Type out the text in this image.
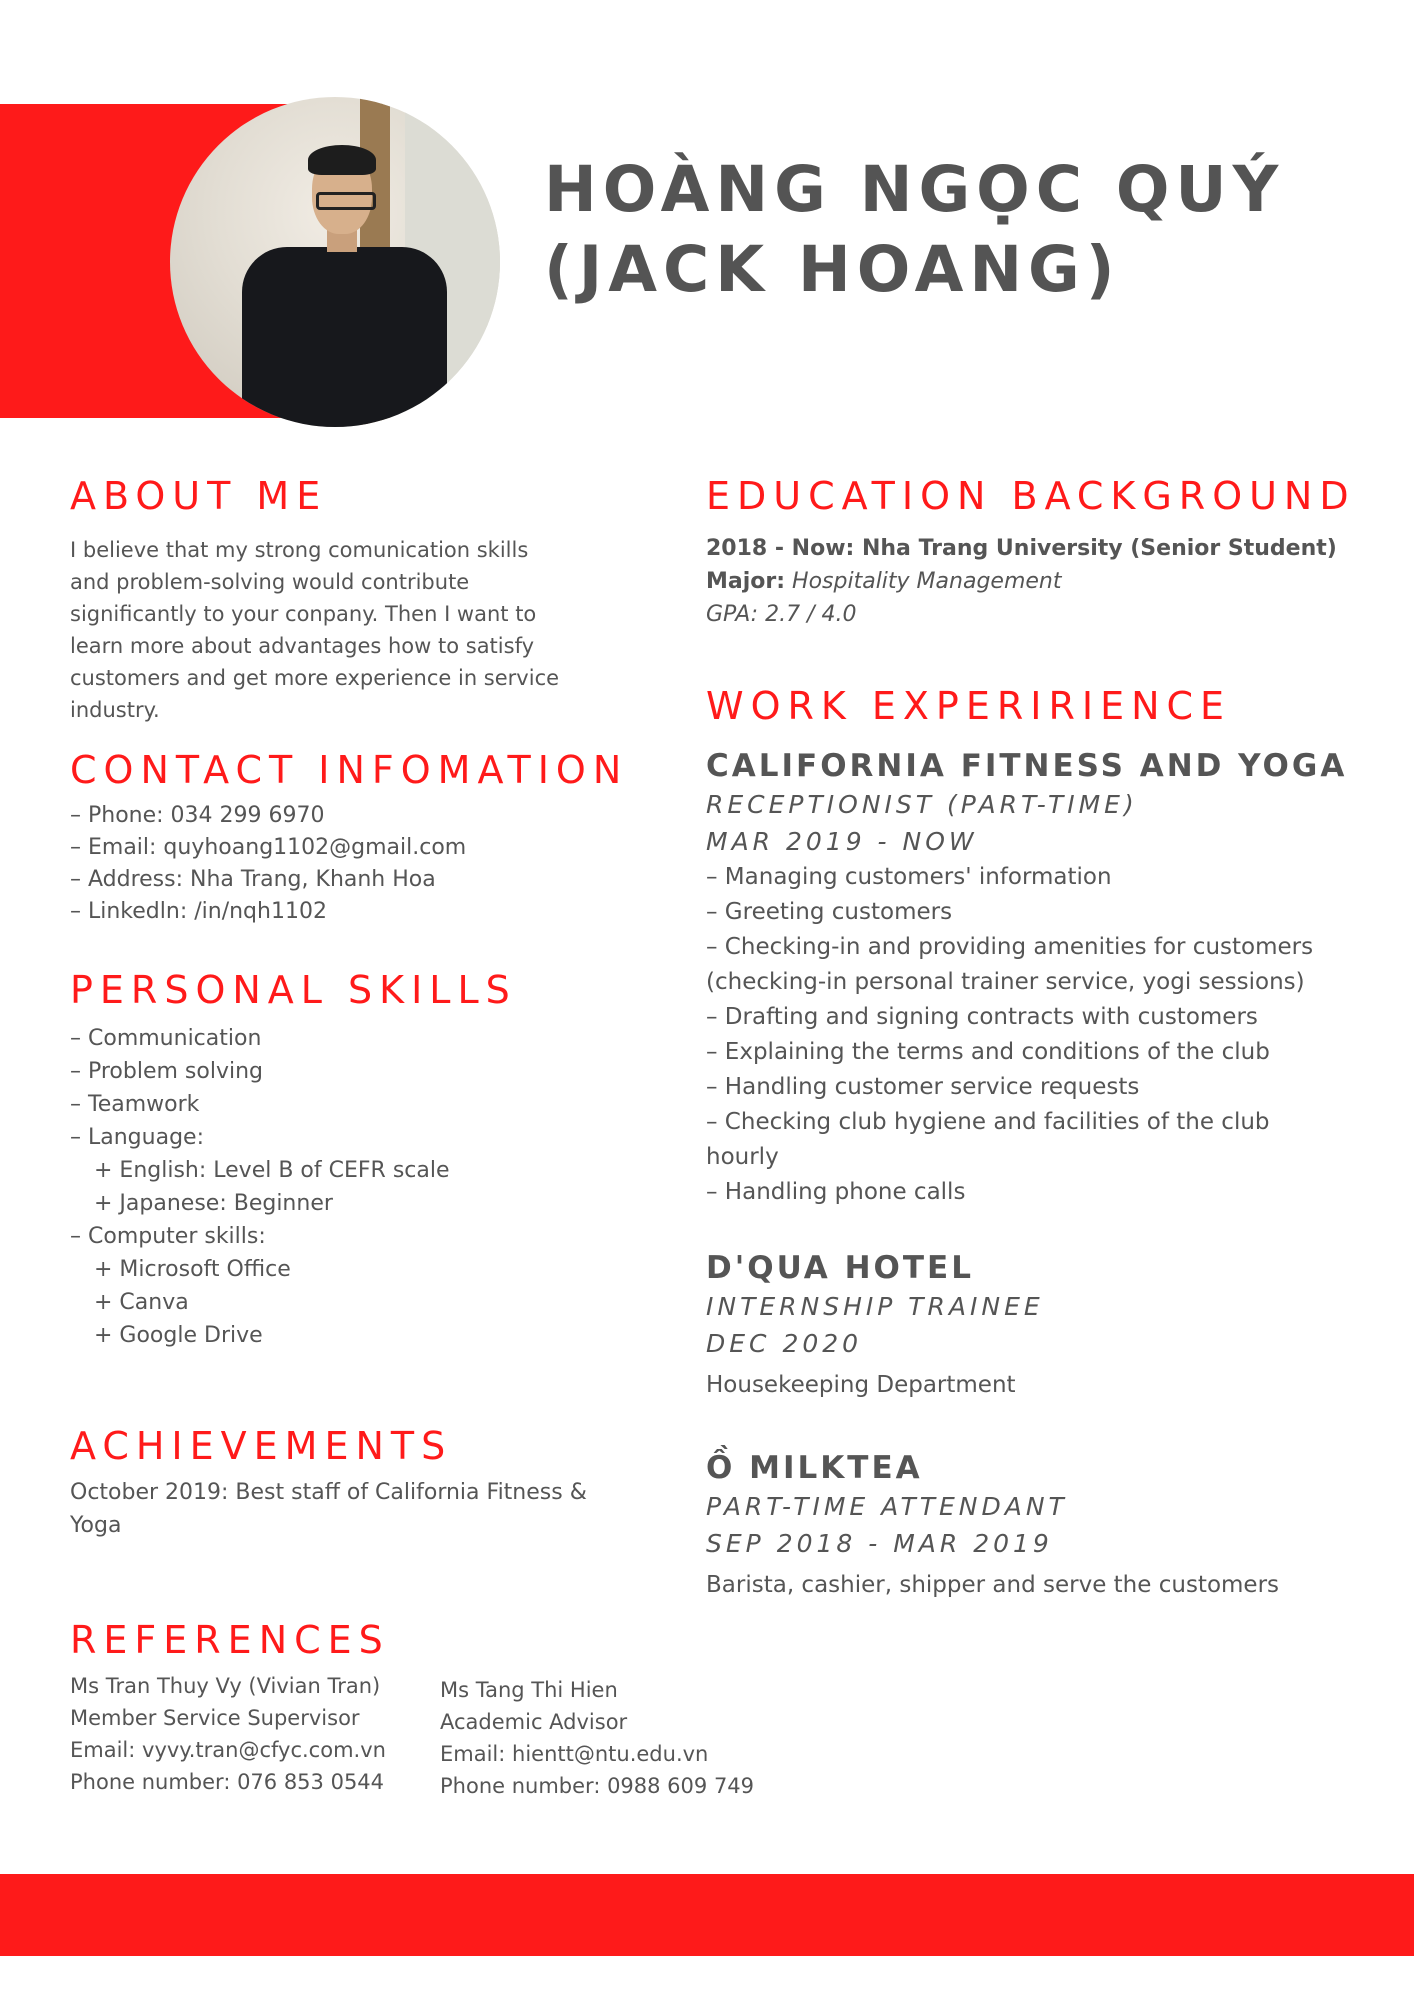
HOÀNG NGỌC QUÝ
(JACK HOANG)
ABOUT ME
I believe that my strong comunication skills
and problem-solving would contribute
significantly to your conpany. Then I want to
learn more about advantages how to satisfy
customers and get more experience in service
industry.
CONTACT INFOMATION
– Phone: 034 299 6970
– Email: quyhoang1102@gmail.com
– Address: Nha Trang, Khanh Hoa
– Linkedln: /in/nqh1102
PERSONAL SKILLS
– Communication
– Problem solving
– Teamwork
– Language:
+ English: Level B of CEFR scale
+ Japanese: Beginner
– Computer skills:
+ Microsoft Office
+ Canva
+ Google Drive
ACHIEVEMENTS
October 2019: Best staff of California Fitness &
Yoga
REFERENCES
Ms Tran Thuy Vy (Vivian Tran)
Member Service Supervisor
Email: vyvy.tran@cfyc.com.vn
Phone number: 076 853 0544
Ms Tang Thi Hien
Academic Advisor
Email: hientt@ntu.edu.vn
Phone number: 0988 609 749
EDUCATION BACKGROUND
2018 - Now: Nha Trang University (Senior Student)
Major: Hospitality Management
GPA: 2.7 / 4.0
WORK EXPERIRIENCE

CALIFORNIA FITNESS AND YOGA

RECEPTIONIST (PART-TIME)

MAR 2019 - NOW

– Managing customers' information
– Greeting customers
– Checking-in and providing amenities for customers
(checking-in personal trainer service, yogi sessions)
– Drafting and signing contracts with customers
– Explaining the terms and conditions of the club
– Handling customer service requests
– Checking club hygiene and facilities of the club
hourly
– Handling phone calls

D'QUA HOTEL

INTERNSHIP TRAINEE

DEC 2020

Housekeeping Department

Ồ MILKTEA

PART-TIME ATTENDANT

SEP 2018 - MAR 2019

Barista, cashier, shipper and serve the customers
